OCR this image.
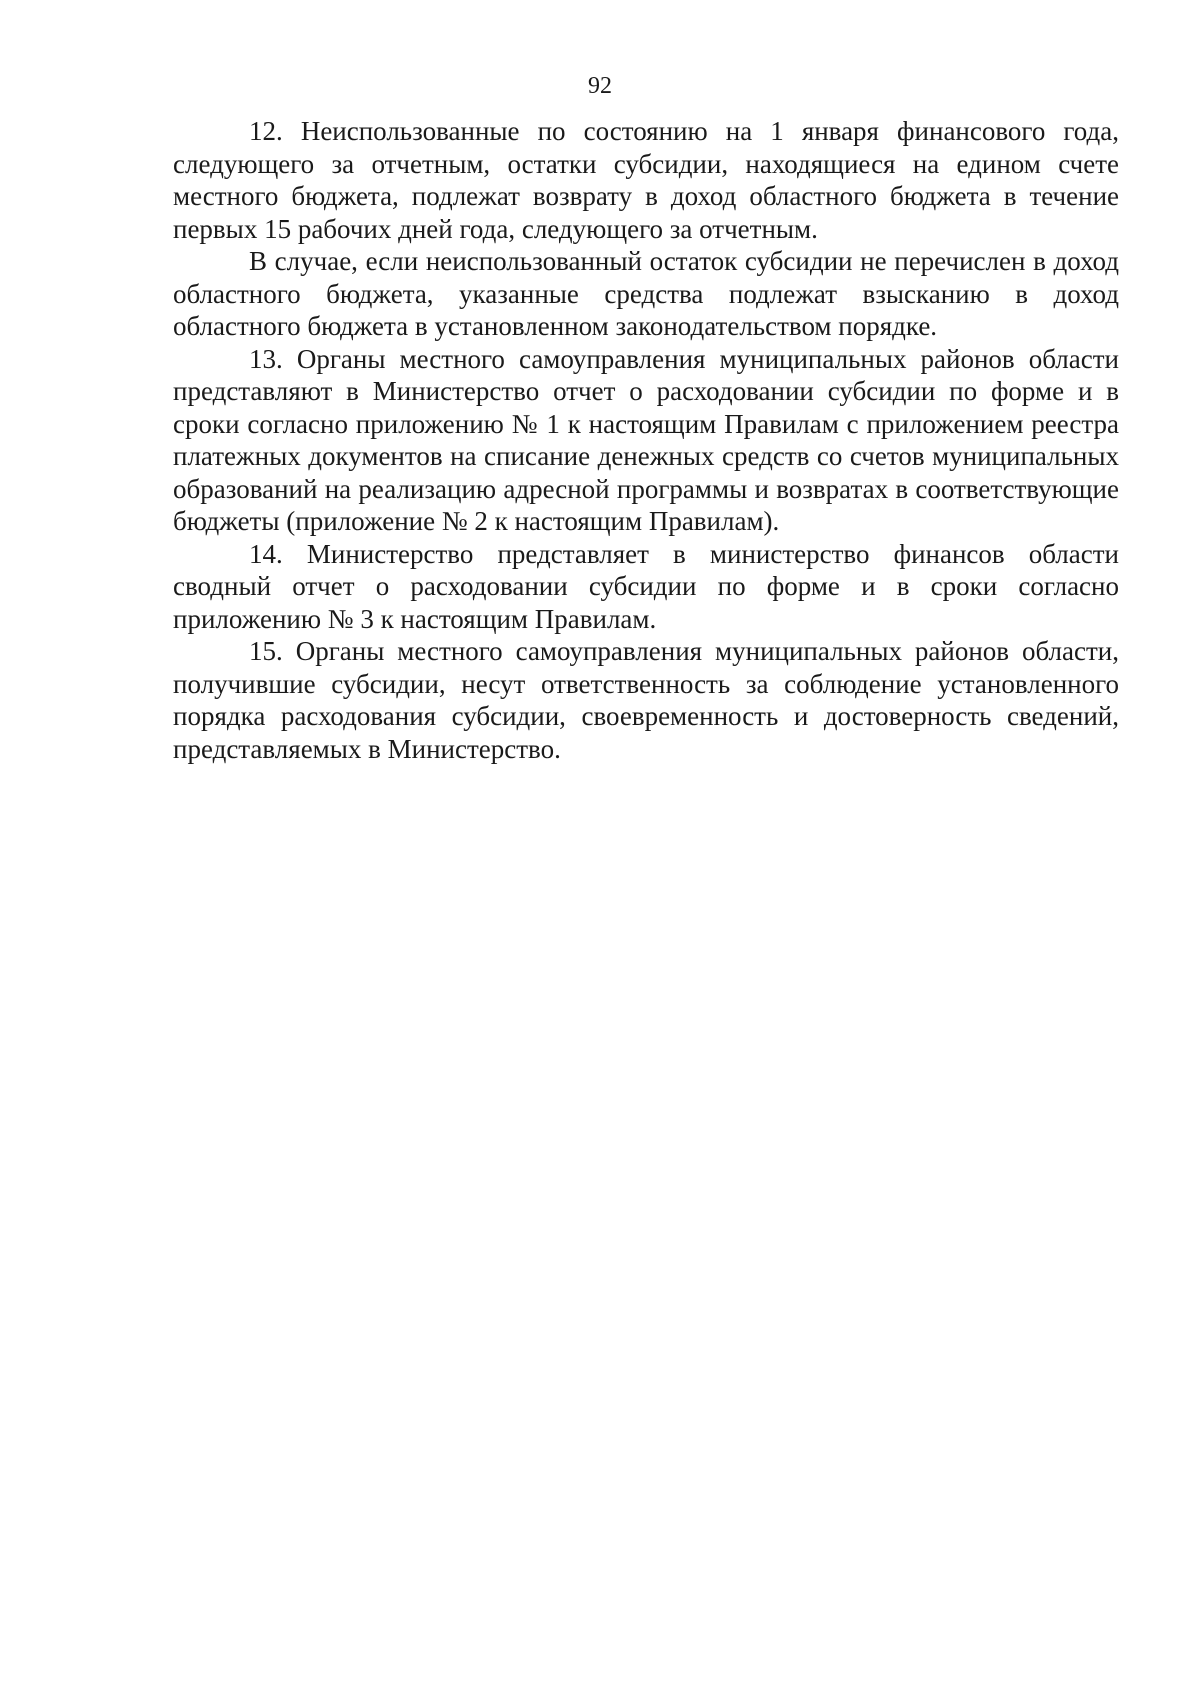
92

12. Неиспользованные по состоянию на 1 января финансового года, следующего за отчетным, остатки субсидии, находящиеся на едином счете местного бюджета, подлежат возврату в доход областного бюджета в течение первых 15 рабочих дней года, следующего за отчетным.

В случае, если неиспользованный остаток субсидии не перечислен в доход областного бюджета, указанные средства подлежат взысканию в доход областного бюджета в установленном законодательством порядке.

13. Органы местного самоуправления муниципальных районов области представляют в Министерство отчет о расходовании субсидии по форме и в сроки согласно приложению № 1 к настоящим Правилам с приложением реестра платежных документов на списание денежных средств со счетов муниципальных образований на реализацию адресной программы и возвратах в соответствующие бюджеты (приложение № 2 к настоящим Правилам).

14. Министерство представляет в министерство финансов области сводный отчет о расходовании субсидии по форме и в сроки согласно приложению № 3 к настоящим Правилам.

15. Органы местного самоуправления муниципальных районов области, получившие субсидии, несут ответственность за соблюдение установленного порядка расходования субсидии, своевременность и достоверность сведений, представляемых в Министерство.
